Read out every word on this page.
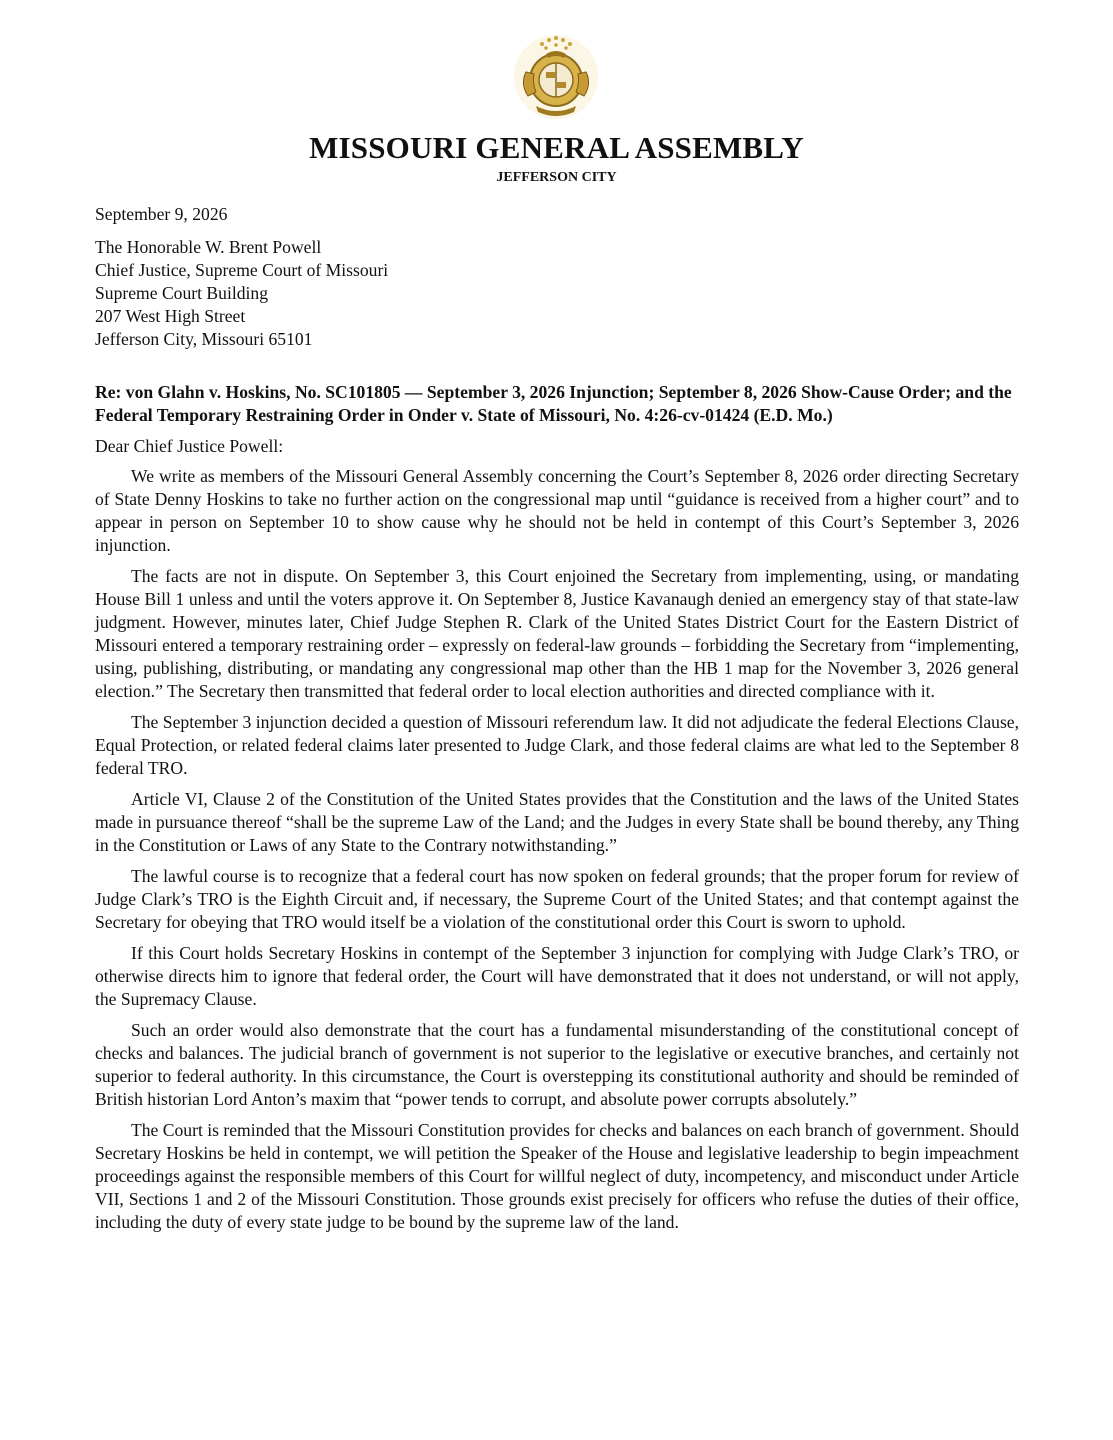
MISSOURI GENERAL ASSEMBLY
JEFFERSON CITY
September 9, 2026
The Honorable W. Brent Powell
Chief Justice, Supreme Court of Missouri
Supreme Court Building
207 West High Street
Jefferson City, Missouri 65101
Re: von Glahn v. Hoskins, No. SC101805 — September 3, 2026 Injunction; September 8, 2026 Show-Cause Order; and the Federal Temporary Restraining Order in Onder v. State of Missouri, No. 4:26-cv-01424 (E.D. Mo.)
Dear Chief Justice Powell:

We write as members of the Missouri General Assembly concerning the Court’s September 8, 2026 order directing Secretary of State Denny Hoskins to take no further action on the congressional map until “guidance is received from a higher court” and to appear in person on September 10 to show cause why he should not be held in contempt of this Court’s September 3, 2026 injunction.

The facts are not in dispute. On September 3, this Court enjoined the Secretary from implementing, using, or mandating House Bill 1 unless and until the voters approve it. On September 8, Justice Kavanaugh denied an emergency stay of that state-law judgment. However, minutes later, Chief Judge Stephen R. Clark of the United States District Court for the Eastern District of Missouri entered a temporary restraining order – expressly on federal-law grounds – forbidding the Secretary from “implementing, using, publishing, distributing, or mandating any congressional map other than the HB 1 map for the November 3, 2026 general election.” The Secretary then transmitted that federal order to local election authorities and directed compliance with it.

The September 3 injunction decided a question of Missouri referendum law. It did not adjudicate the federal Elections Clause, Equal Protection, or related federal claims later presented to Judge Clark, and those federal claims are what led to the September 8 federal TRO.

Article VI, Clause 2 of the Constitution of the United States provides that the Constitution and the laws of the United States made in pursuance thereof “shall be the supreme Law of the Land; and the Judges in every State shall be bound thereby, any Thing in the Constitution or Laws of any State to the Contrary notwithstanding.”

The lawful course is to recognize that a federal court has now spoken on federal grounds; that the proper forum for review of Judge Clark’s TRO is the Eighth Circuit and, if necessary, the Supreme Court of the United States; and that contempt against the Secretary for obeying that TRO would itself be a violation of the constitutional order this Court is sworn to uphold.

If this Court holds Secretary Hoskins in contempt of the September 3 injunction for complying with Judge Clark’s TRO, or otherwise directs him to ignore that federal order, the Court will have demonstrated that it does not understand, or will not apply, the Supremacy Clause.

Such an order would also demonstrate that the court has a fundamental misunderstanding of the constitutional concept of checks and balances. The judicial branch of government is not superior to the legislative or executive branches, and certainly not superior to federal authority. In this circumstance, the Court is overstepping its constitutional authority and should be reminded of British historian Lord Anton’s maxim that “power tends to corrupt, and absolute power corrupts absolutely.”

The Court is reminded that the Missouri Constitution provides for checks and balances on each branch of government. Should Secretary Hoskins be held in contempt, we will petition the Speaker of the House and legislative leadership to begin impeachment proceedings against the responsible members of this Court for willful neglect of duty, incompetency, and misconduct under Article VII, Sections 1 and 2 of the Missouri Constitution. Those grounds exist precisely for officers who refuse the duties of their office, including the duty of every state judge to be bound by the supreme law of the land.
